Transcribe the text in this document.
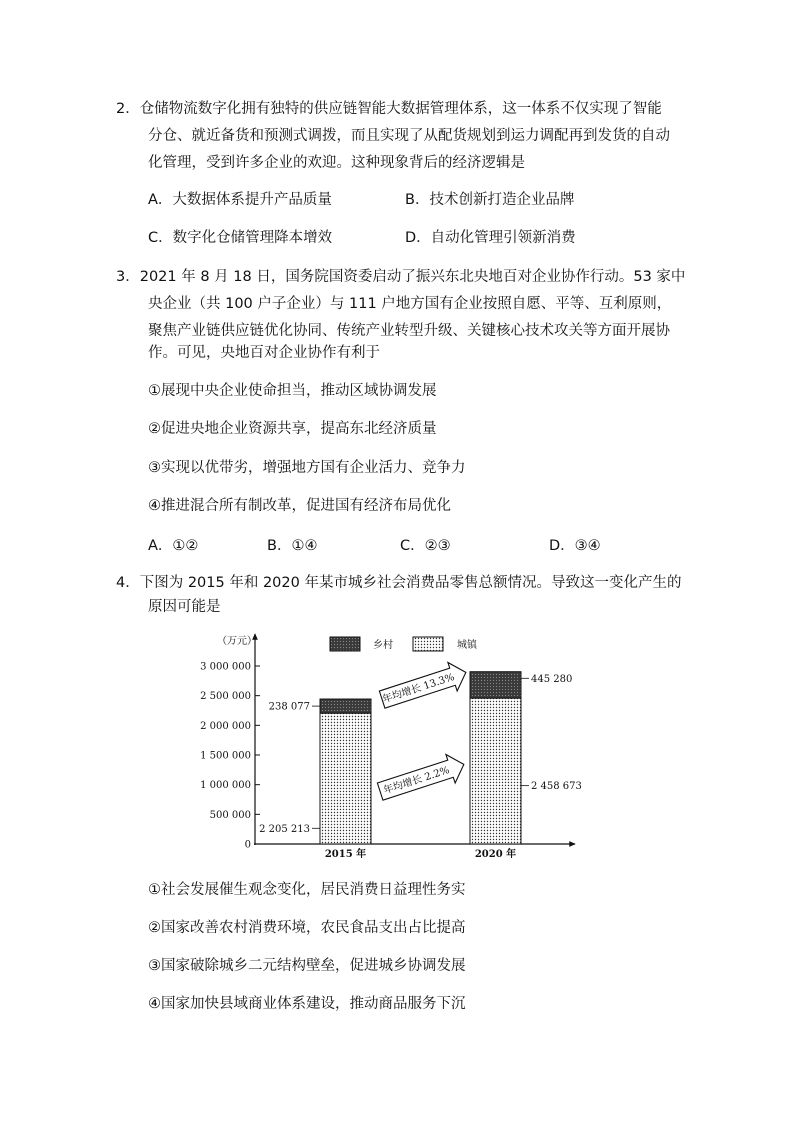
2．仓储物流数字化拥有独特的供应链智能大数据管理体系，这一体系不仅实现了智能
分仓、就近备货和预测式调拨，而且实现了从配货规划到运力调配再到发货的自动
化管理，受到许多企业的欢迎。这种现象背后的经济逻辑是
A．大数据体系提升产品质量	B．技术创新打造企业品牌
C．数字化仓储管理降本增效	D．自动化管理引领新消费
3．2021 年 8 月 18 日，国务院国资委启动了振兴东北央地百对企业协作行动。53 家中
央企业（共 100 户子企业）与 111 户地方国有企业按照自愿、平等、互利原则，
聚焦产业链供应链优化协同、传统产业转型升级、关键核心技术攻关等方面开展协
作。可见，央地百对企业协作有利于
①展现中央企业使命担当，推动区域协调发展
②促进央地企业资源共享，提高东北经济质量
③实现以优带劣，增强地方国有企业活力、竞争力
④推进混合所有制改革，促进国有经济布局优化
A．①②	B．①④	C．②③	D．③④
4．下图为 2015 年和 2020 年某市城乡社会消费品零售总额情况。导致这一变化产生的
原因可能是
（万元）
0
500 000
1 000 000
1 500 000
2 000 000
2 500 000
3 000 000
2015 年	2020 年
2 205 213
238 077
2 458 673
445 280
乡村	城镇
年均增长 13.3%
年均增长 2.2%
①社会发展催生观念变化，居民消费日益理性务实
②国家改善农村消费环境，农民食品支出占比提高
③国家破除城乡二元结构壁垒，促进城乡协调发展
④国家加快县域商业体系建设，推动商品服务下沉
